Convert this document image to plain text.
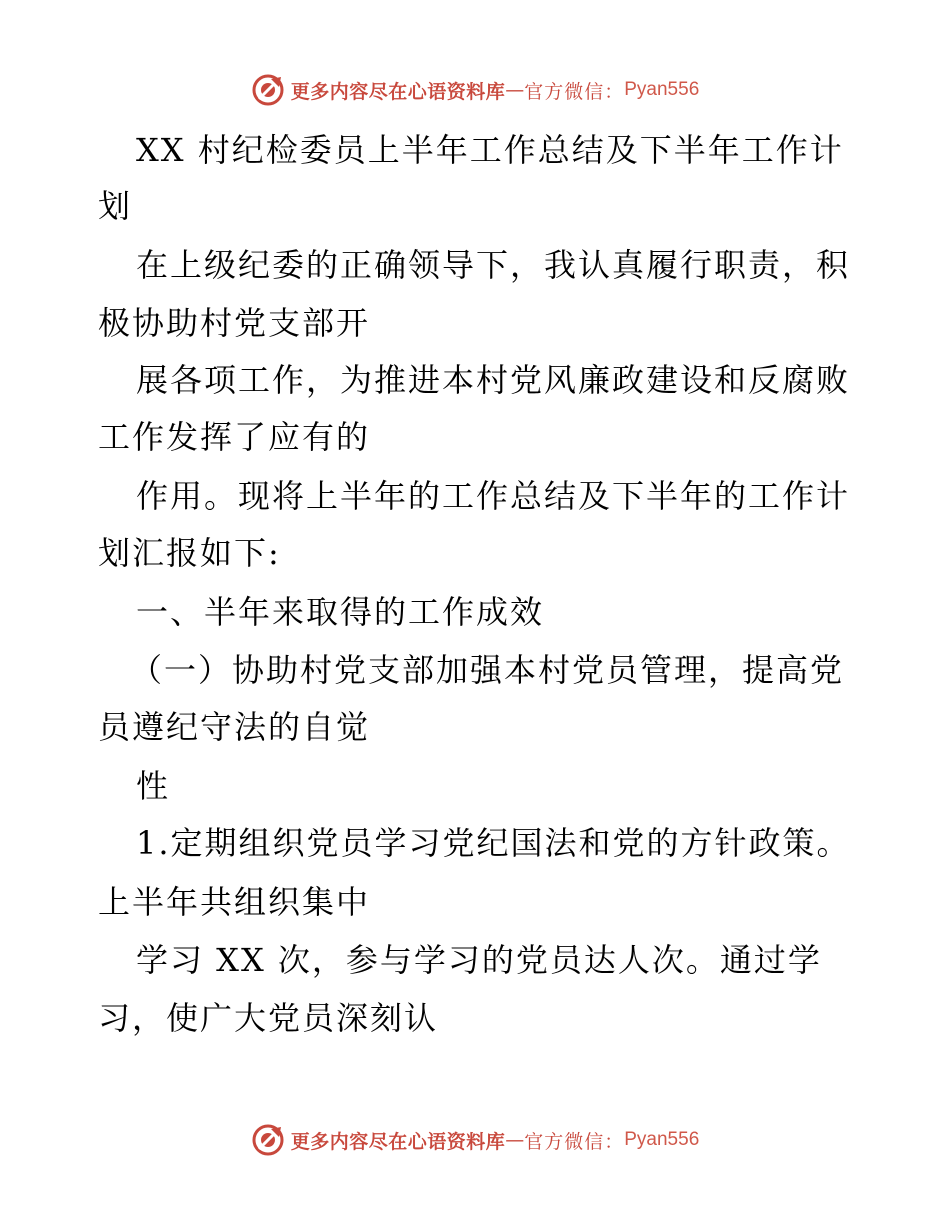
更多内容尽在心语资料库 — 官方微信： Pyan556
XX 村纪检委员上半年工作总结及下半年工作计
划
在上级纪委的正确领导下，我认真履行职责，积
极协助村党支部开
展各项工作，为推进本村党风廉政建设和反腐败
工作发挥了应有的
作用。现将上半年的工作总结及下半年的工作计
划汇报如下:
一、半年来取得的工作成效
（一）协助村党支部加强本村党员管理，提高党
员遵纪守法的自觉
性
1.定期组织党员学习党纪国法和党的方针政策。
上半年共组织集中
学习 XX 次，参与学习的党员达人次。通过学
习，使广大党员深刻认
更多内容尽在心语资料库 — 官方微信： Pyan556
